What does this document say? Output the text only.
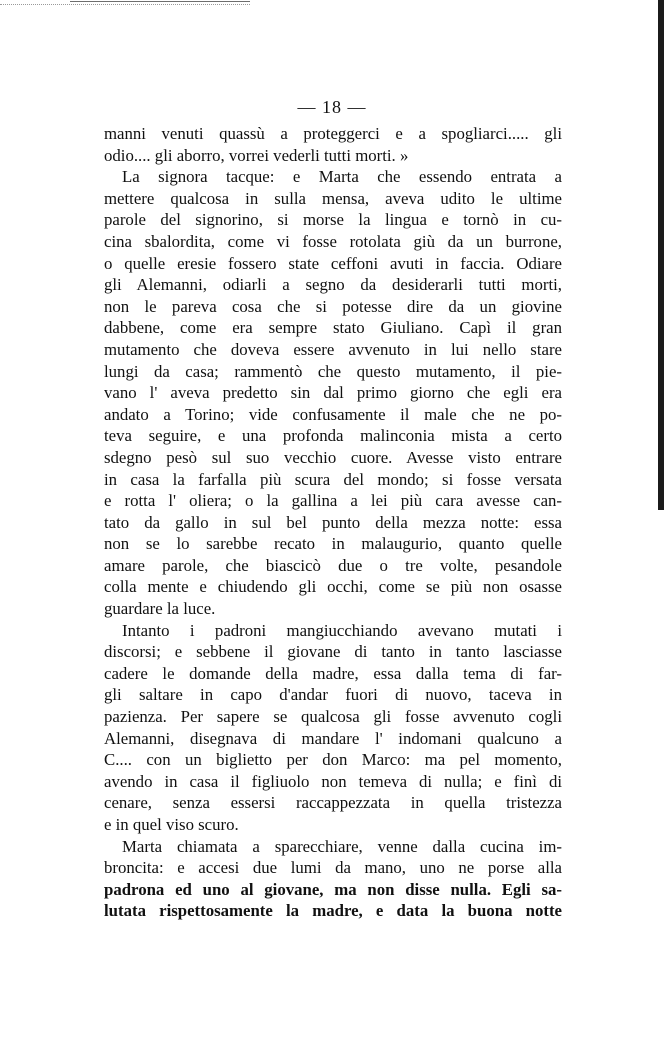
— 18 —
manni venuti quassù a proteggerci e a spogliarci..... gli
odio.... gli aborro, vorrei vederli tutti morti. »
La signora tacque: e Marta che essendo entrata a
mettere qualcosa in sulla mensa, aveva udito le ultime
parole del signorino, si morse la lingua e tornò in cu-
cina sbalordita, come vi fosse rotolata giù da un burrone,
o quelle eresie fossero state ceffoni avuti in faccia. Odiare
gli Alemanni, odiarli a segno da desiderarli tutti morti,
non le pareva cosa che si potesse dire da un giovine
dabbene, come era sempre stato Giuliano. Capì il gran
mutamento che doveva essere avvenuto in lui nello stare
lungi da casa; rammentò che questo mutamento, il pie-
vano l' aveva predetto sin dal primo giorno che egli era
andato a Torino; vide confusamente il male che ne po-
teva seguire, e una profonda malinconia mista a certo
sdegno pesò sul suo vecchio cuore. Avesse visto entrare
in casa la farfalla più scura del mondo; si fosse versata
e rotta l' oliera; o la gallina a lei più cara avesse can-
tato da gallo in sul bel punto della mezza notte: essa
non se lo sarebbe recato in malaugurio, quanto quelle
amare parole, che biascicò due o tre volte, pesandole
colla mente e chiudendo gli occhi, come se più non osasse
guardare la luce.
Intanto i padroni mangiucchiando avevano mutati i
discorsi; e sebbene il giovane di tanto in tanto lasciasse
cadere le domande della madre, essa dalla tema di far-
gli saltare in capo d'andar fuori di nuovo, taceva in
pazienza. Per sapere se qualcosa gli fosse avvenuto cogli
Alemanni, disegnava di mandare l' indomani qualcuno a
C.... con un biglietto per don Marco: ma pel momento,
avendo in casa il figliuolo non temeva di nulla; e finì di
cenare, senza essersi raccappezzata in quella tristezza
e in quel viso scuro.
Marta chiamata a sparecchiare, venne dalla cucina im-
broncita: e accesi due lumi da mano, uno ne porse alla
padrona ed uno al giovane, ma non disse nulla. Egli sa-
lutata rispettosamente la madre, e data la buona notte
